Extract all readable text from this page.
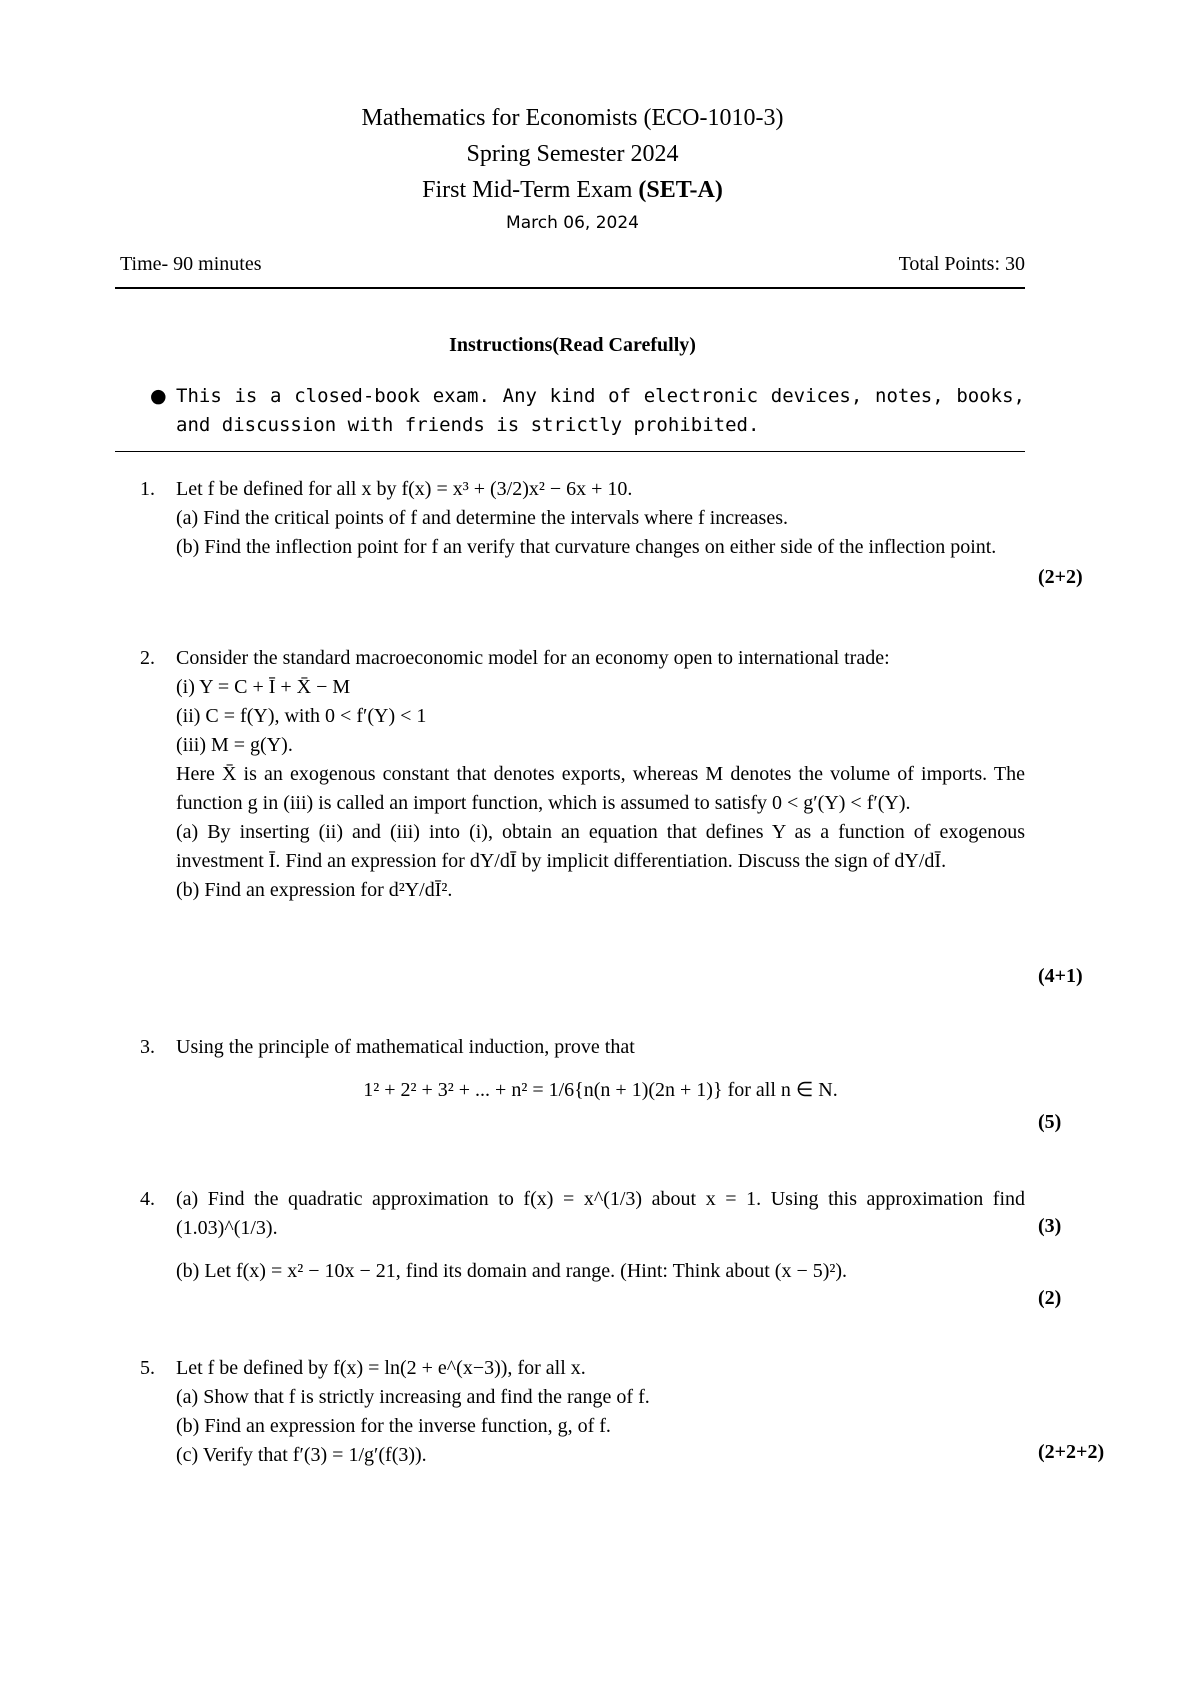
Mathematics for Economists (ECO-1010-3)
Spring Semester 2024
First Mid-Term Exam (SET-A)
March 06, 2024
Time- 90 minutes	Total Points: 30
Instructions(Read Carefully)
● This is a closed-book exam. Any kind of electronic devices, notes, books, and discussion with friends is strictly prohibited.
1.	Let f be defined for all x by f(x) = x³ + (3/2)x² − 6x + 10.
(a) Find the critical points of f and determine the intervals where f increases.
(b) Find the inflection point for f an verify that curvature changes on either side of the inflection point.
(2+2)
2.	Consider the standard macroeconomic model for an economy open to international trade:
(i) Y = C + Ī + X̄ − M
(ii) C = f(Y), with 0 < f′(Y) < 1
(iii) M = g(Y).
Here X̄ is an exogenous constant that denotes exports, whereas M denotes the volume of imports. The function g in (iii) is called an import function, which is assumed to satisfy 0 < g′(Y) < f′(Y).
(a) By inserting (ii) and (iii) into (i), obtain an equation that defines Y as a function of exogenous investment Ī. Find an expression for dY/dĪ by implicit differentiation. Discuss the sign of dY/dĪ.
(b) Find an expression for d²Y/dĪ².
(4+1)
3.	Using the principle of mathematical induction, prove that
1² + 2² + 3² + ... + n² = 1/6{n(n + 1)(2n + 1)} for all n ∈ N.
(5)
4.	(a) Find the quadratic approximation to f(x) = x^(1/3) about x = 1. Using this approximation find (1.03)^(1/3).
(b) Let f(x) = x² − 10x − 21, find its domain and range. (Hint: Think about (x − 5)²).
(3)
(2)
5.	Let f be defined by f(x) = ln(2 + e^(x−3)), for all x.
(a) Show that f is strictly increasing and find the range of f.
(b) Find an expression for the inverse function, g, of f.
(c) Verify that f′(3) = 1/g′(f(3)).	(2+2+2)
